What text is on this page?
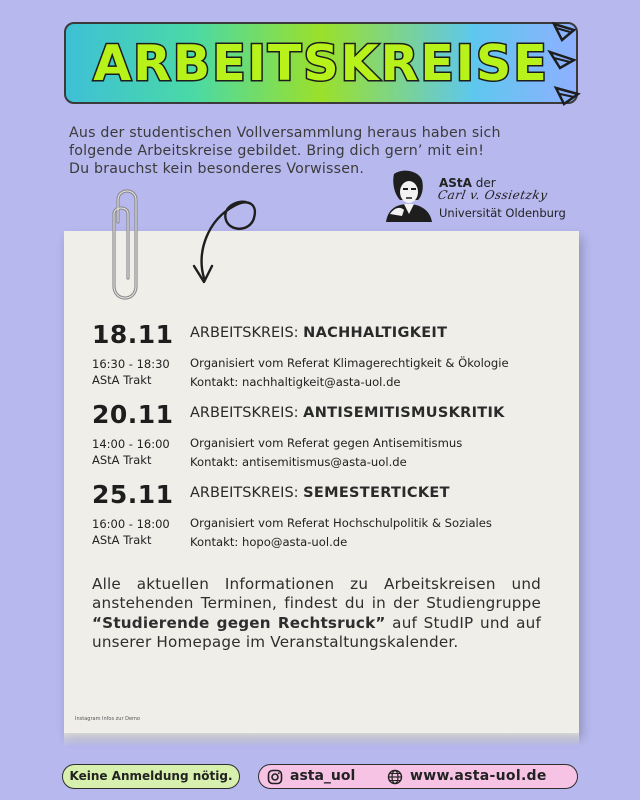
ARBEITSKREISE

Aus der studentischen Vollversammlung heraus haben sich

folgende Arbeitskreise gebildet. Bring dich gern’ mit ein!

Du brauchst kein besonderes Vorwissen.

AStA der
Carl v. Ossietzky
Universität Oldenburg
18.11 ARBEITSKREIS: NACHHALTIGKEIT
16:30 - 18:30
AStA Trakt
Organisiert vom Referat Klimagerechtigkeit & Ökologie
Kontakt: nachhaltigkeit@asta-uol.de
20.11 ARBEITSKREIS: ANTISEMITISMUSKRITIK
14:00 - 16:00
AStA Trakt
Organisiert vom Referat gegen Antisemitismus
Kontakt: antisemitismus@asta-uol.de
25.11 ARBEITSKREIS: SEMESTERTICKET
16:00 - 18:00
AStA Trakt
Organisiert vom Referat Hochschulpolitik & Soziales
Kontakt: hopo@asta-uol.de
Alle aktuellen Informationen zu Arbeitskreisen und anstehenden Terminen, findest du in der Studiengruppe “Studierende gegen Rechtsruck” auf StudIP und auf unserer Homepage im Veranstaltungskalender.
Instagram Infos zur Demo
Keine Anmeldung nötig.	asta_uol	www.asta-uol.de
